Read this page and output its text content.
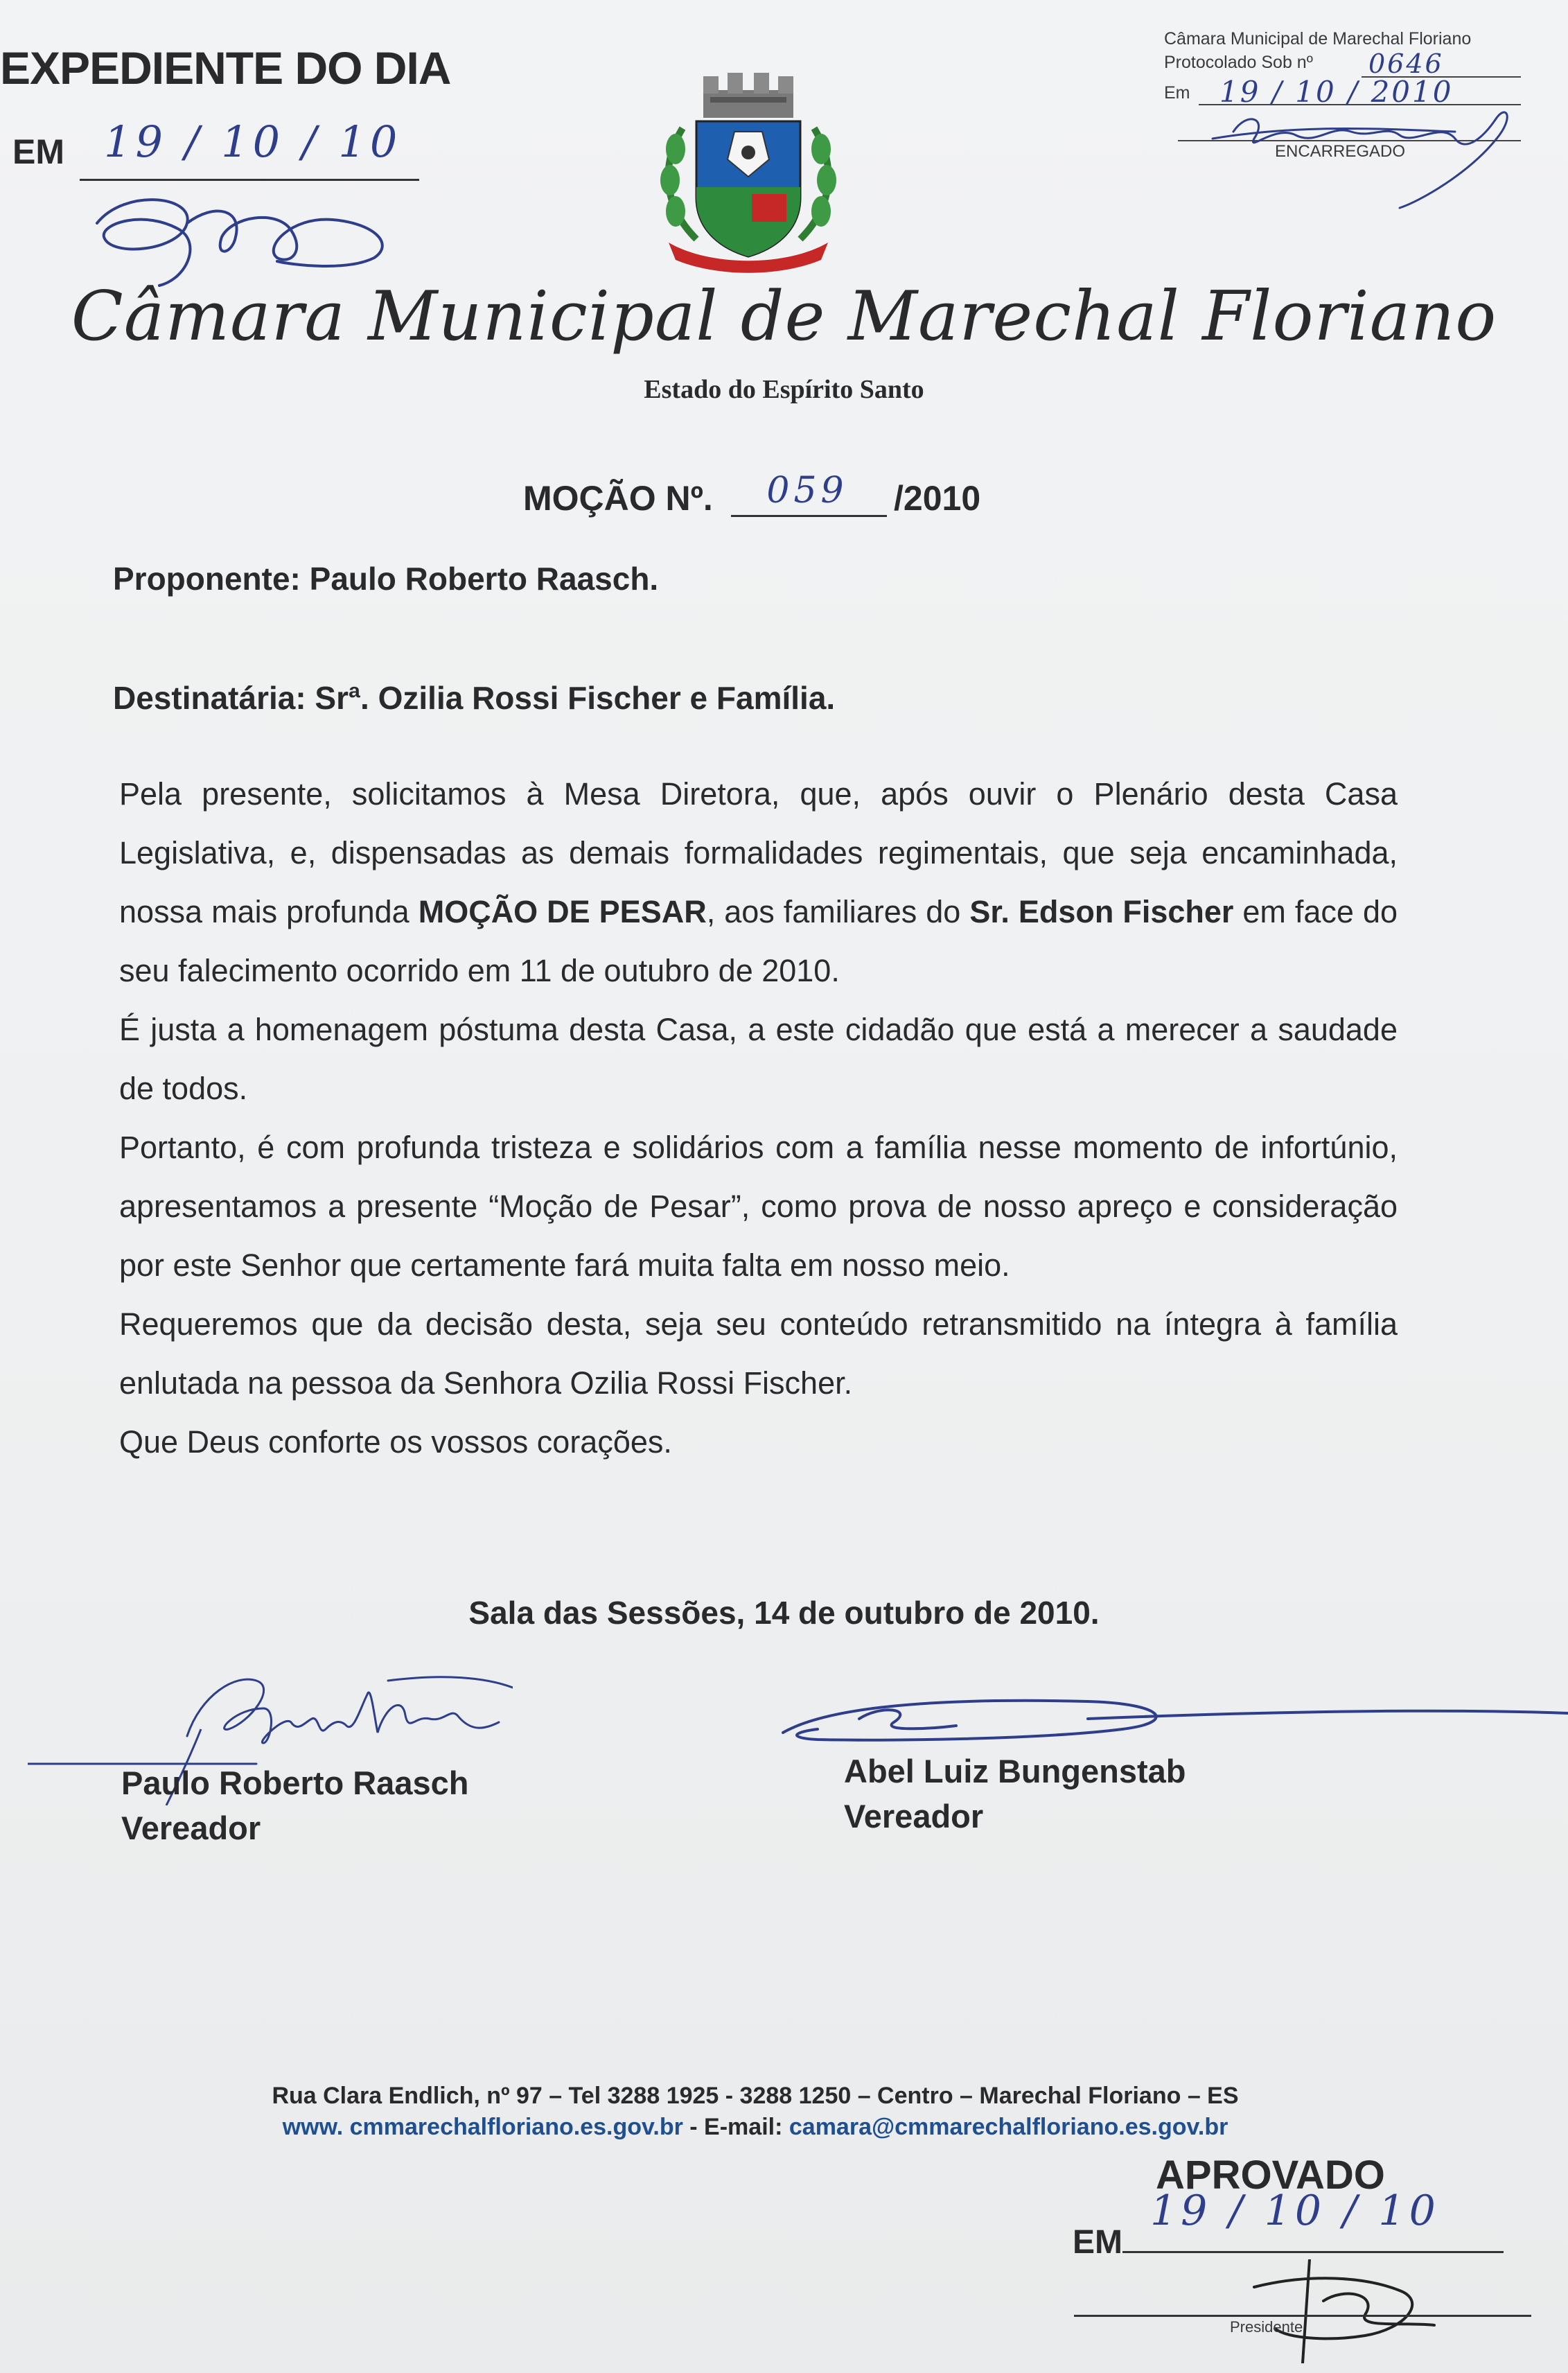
EXPEDIENTE DO DIA
EM 19 / 10 / 10
Câmara Municipal de Marechal Floriano
Protocolado Sob nº 0646
Em 19 / 10 / 2010
ENCARREGADO
Câmara Municipal de Marechal Floriano
Estado do Espírito Santo
MOÇÃO Nº.	059	/2010
Proponente: Paulo Roberto Raasch.
Destinatária: Srª. Ozilia Rossi Fischer e Família.

Pela presente, solicitamos à Mesa Diretora, que, após ouvir o Plenário desta Casa Legislativa, e, dispensadas as demais formalidades regimentais, que seja encaminhada, nossa mais profunda MOÇÃO DE PESAR, aos familiares do Sr. Edson Fischer em face do seu falecimento ocorrido em 11 de outubro de 2010.

É justa a homenagem póstuma desta Casa, a este cidadão que está a merecer a saudade de todos.

Portanto, é com profunda tristeza e solidários com a família nesse momento de infortúnio, apresentamos a presente “Moção de Pesar”, como prova de nosso apreço e consideração por este Senhor que certamente fará muita falta em nosso meio.

Requeremos que da decisão desta, seja seu conteúdo retransmitido na íntegra à família enlutada na pessoa da Senhora Ozilia Rossi Fischer.

Que Deus conforte os vossos corações.

Sala das Sessões, 14 de outubro de 2010.
Paulo Roberto Raasch
Vereador
Abel Luiz Bungenstab
Vereador
Rua Clara Endlich, nº 97 – Tel 3288 1925 - 3288 1250 – Centro – Marechal Floriano – ES
www. cmmarechalfloriano.es.gov.br - E-mail: camara@cmmarechalfloriano.es.gov.br
APROVADO
EM
19 / 10 / 10
Presidente
